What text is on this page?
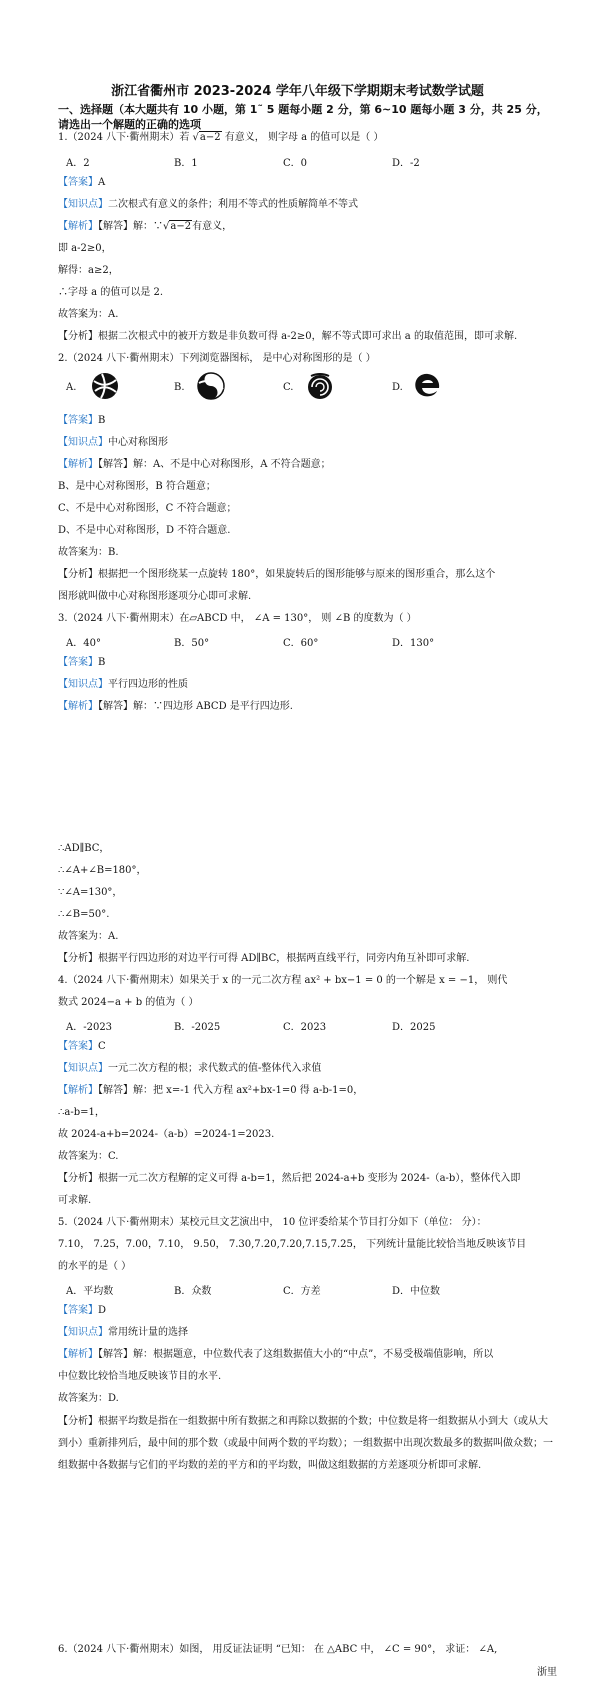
浙江省衢州市 2023-2024 学年八年级下学期期末考试数学试题
一、选择题（本大题共有 10 小题，第 1˜ 5 题每小题 2 分，第 6~10 题每小题 3 分，共 25 分，请选出一个解题的正确的选项
1.（2024 八下·衢州期末）若 √a−2 有意义， 则字母 a 的值可以是（ ）
A．2	B．1	C．0	D．-2
【答案】A
【知识点】二次根式有意义的条件；利用不等式的性质解简单不等式
【解析】【解答】解：∵√a−2有意义，
即 a-2≥0，
解得：a≥2，
∴字母 a 的值可以是 2.
故答案为：A.
【分析】根据二次根式中的被开方数是非负数可得 a-2≥0，解不等式即可求出 a 的取值范围，即可求解.
2.（2024 八下·衢州期末）下列浏览器图标， 是中心对称图形的是（ ）
A.	B.	C.	D.
【答案】B
【知识点】中心对称图形
【解析】【解答】解：A、不是中心对称图形，A 不符合题意；
B、是中心对称图形，B 符合题意；
C、不是中心对称图形，C 不符合题意；
D、不是中心对称图形，D 不符合题意.
故答案为：B.
【分析】根据把一个图形绕某一点旋转 180°，如果旋转后的图形能够与原来的图形重合，那么这个
图形就叫做中心对称图形逐项分心即可求解.
3.（2024 八下·衢州期末）在▱ABCD 中， ∠A = 130°， 则 ∠B 的度数为（ ）
A．40°	B．50°	C．60°	D．130°
【答案】B
【知识点】平行四边形的性质
【解析】【解答】解：∵四边形 ABCD 是平行四边形.
∴AD∥BC，
∴∠A+∠B=180°，
∵∠A=130°，
∴∠B=50°.
故答案为：A.
【分析】根据平行四边形的对边平行可得 AD∥BC，根据两直线平行，同旁内角互补即可求解.
4.（2024 八下·衢州期末）如果关于 x 的一元二次方程 ax² + bx−1 = 0 的一个解是 x = −1， 则代
数式 2024−a + b 的值为（ ）
A．-2023	B．-2025	C．2023	D．2025
【答案】C
【知识点】一元二次方程的根；求代数式的值-整体代入求值
【解析】【解答】解：把 x=-1 代入方程 ax²+bx-1=0 得 a-b-1=0，
∴a-b=1，
故 2024-a+b=2024-（a-b）=2024-1=2023.
故答案为：C.
【分析】根据一元二次方程解的定义可得 a-b=1，然后把 2024-a+b 变形为 2024-（a-b），整体代入即
可求解.
5.（2024 八下·衢州期末）某校元旦文艺演出中， 10 位评委给某个节目打分如下（单位： 分）：
7.10， 7.25，7.00，7.10， 9.50， 7.30,7.20,7.20,7.15,7.25， 下列统计量能比较恰当地反映该节目
的水平的是（ ）
A．平均数	B．众数	C．方差	D．中位数
【答案】D
【知识点】常用统计量的选择
【解析】【解答】解：根据题意，中位数代表了这组数据值大小的“中点”，不易受极端值影响，所以
中位数比较恰当地反映该节目的水平.
故答案为：D.
【分析】根据平均数是指在一组数据中所有数据之和再除以数据的个数；中位数是将一组数据从小到大（或从大到小）重新排列后，最中间的那个数（或最中间两个数的平均数）；一组数据中出现次数最多的数据叫做众数；一组数据中各数据与它们的平均数的差的平方和的平均数，叫做这组数据的方差逐项分析即可求解.
6.（2024 八下·衢州期末）如图， 用反证法证明 “已知： 在 △ABC 中， ∠C = 90°， 求证： ∠A,
浙里
